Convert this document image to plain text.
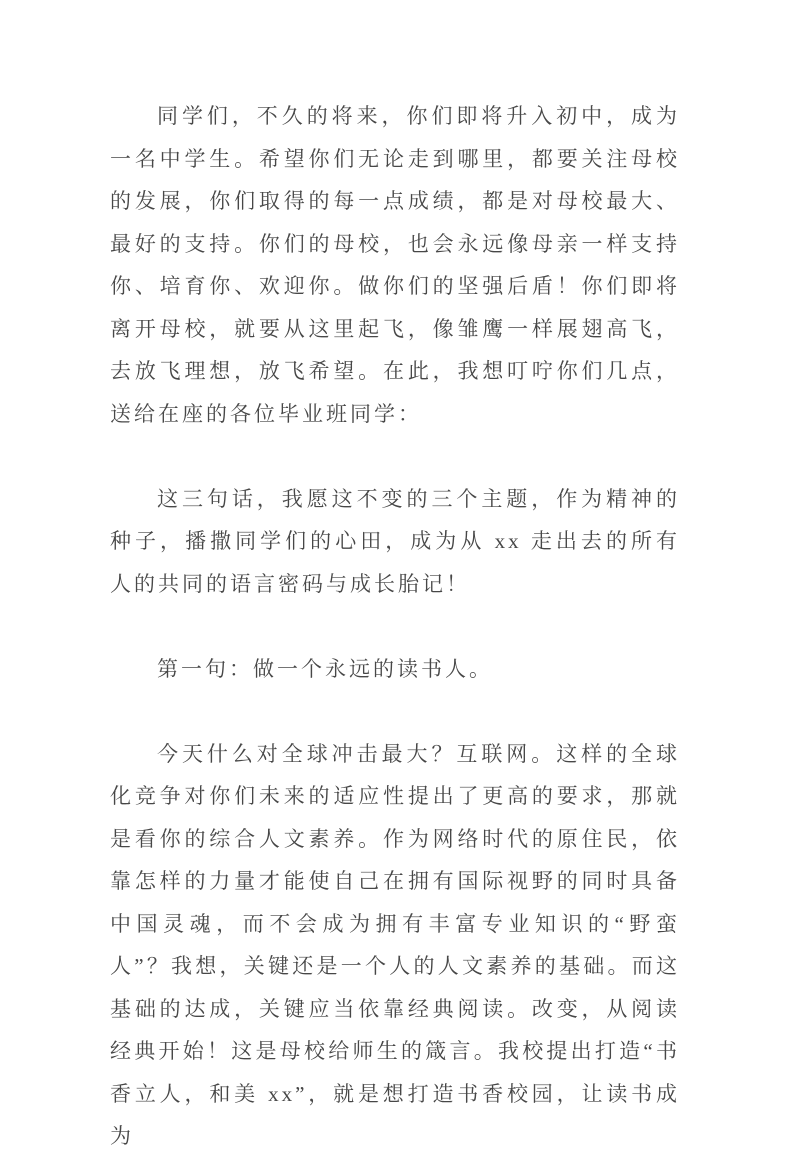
同学们，不久的将来，你们即将升入初中，成为一名中学生。希望你们无论走到哪里，都要关注母校的发展，你们取得的每一点成绩，都是对母校最大、最好的支持。你们的母校，也会永远像母亲一样支持你、培育你、欢迎你。做你们的坚强后盾！你们即将离开母校，就要从这里起飞，像雏鹰一样展翅高飞，去放飞理想，放飞希望。在此，我想叮咛你们几点，送给在座的各位毕业班同学：

这三句话，我愿这不变的三个主题，作为精神的种子，播撒同学们的心田，成为从 xx 走出去的所有人的共同的语言密码与成长胎记！

第一句：做一个永远的读书人。

今天什么对全球冲击最大？互联网。这样的全球化竞争对你们未来的适应性提出了更高的要求，那就是看你的综合人文素养。作为网络时代的原住民，依靠怎样的力量才能使自己在拥有国际视野的同时具备中国灵魂，而不会成为拥有丰富专业知识的“野蛮人”？我想，关键还是一个人的人文素养的基础。而这基础的达成，关键应当依靠经典阅读。改变，从阅读经典开始！这是母校给师生的箴言。我校提出打造“书香立人，和美 xx”，就是想打造书香校园，让读书成为
